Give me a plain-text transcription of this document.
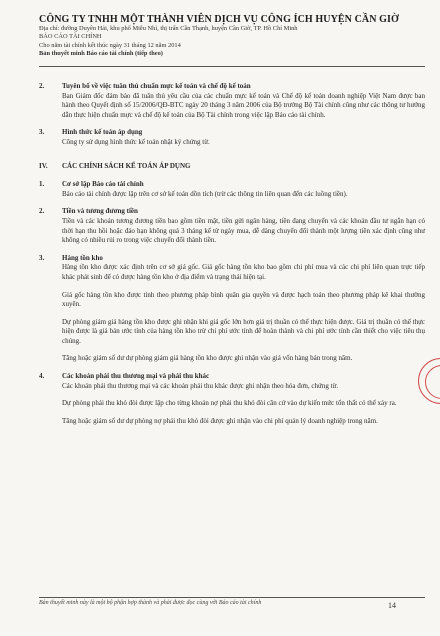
CÔNG TY TNHH MỘT THÀNH VIÊN DỊCH VỤ CÔNG ÍCH HUYỆN CẦN GIỜ
Địa chỉ: đường Duyên Hải, khu phố Miễu Nhì, thị trấn Cần Thạnh, huyện Cần Giờ, TP. Hồ Chí Minh
BÁO CÁO TÀI CHÍNH
Cho năm tài chính kết thúc ngày 31 tháng 12 năm 2014
Bản thuyết minh Báo cáo tài chính (tiếp theo)
2.	Tuyên bố về việc tuân thủ chuẩn mực kế toán và chế độ kế toán
Ban Giám đốc đảm bảo đã tuân thủ yêu cầu của các chuẩn mực kế toán và Chế độ kế toán doanh nghiệp Việt Nam được ban hành theo Quyết định số 15/2006/QĐ-BTC ngày 20 tháng 3 năm 2006 của Bộ trưởng Bộ Tài chính cũng như các thông tư hướng dẫn thực hiện chuẩn mực và chế độ kế toán của Bộ Tài chính trong việc lập Báo cáo tài chính.
3.	Hình thức kế toán áp dụng
Công ty sử dụng hình thức kế toán nhật ký chứng từ.
IV. CÁC CHÍNH SÁCH KẾ TOÁN ÁP DỤNG
1.	Cơ sở lập Báo cáo tài chính
Báo cáo tài chính được lập trên cơ sở kế toán dồn tích (trừ các thông tin liên quan đến các luồng tiền).
2.	Tiền và tương đương tiền
Tiền và các khoản tương đương tiền bao gồm tiền mặt, tiền gửi ngân hàng, tiền đang chuyển và các khoản đầu tư ngắn hạn có thời hạn thu hồi hoặc đáo hạn không quá 3 tháng kể từ ngày mua, dễ dàng chuyển đổi thành một lượng tiền xác định cũng như không có nhiều rủi ro trong việc chuyển đổi thành tiền.
3.	Hàng tồn kho
Hàng tồn kho được xác định trên cơ sở giá gốc. Giá gốc hàng tồn kho bao gồm chi phí mua và các chi phí liên quan trực tiếp khác phát sinh để có được hàng tồn kho ở địa điểm và trạng thái hiện tại.
Giá gốc hàng tồn kho được tính theo phương pháp bình quân gia quyền và được hạch toán theo phương pháp kê khai thường xuyên.
Dự phòng giảm giá hàng tồn kho được ghi nhận khi giá gốc lớn hơn giá trị thuần có thể thực hiện được. Giá trị thuần có thể thực hiện được là giá bán ước tính của hàng tồn kho trừ chi phí ước tính để hoàn thành và chi phí ước tính cần thiết cho việc tiêu thụ chúng.
Tăng hoặc giảm số dư dự phòng giảm giá hàng tồn kho được ghi nhận vào giá vốn hàng bán trong năm.
4.	Các khoản phải thu thương mại và phải thu khác
Các khoản phải thu thương mại và các khoản phải thu khác được ghi nhận theo hóa đơn, chứng từ.
Dự phòng phải thu khó đòi được lập cho từng khoản nợ phải thu khó đòi căn cứ vào dự kiến mức tổn thất có thể xảy ra.
Tăng hoặc giảm số dư dự phòng nợ phải thu khó đòi được ghi nhận vào chi phí quản lý doanh nghiệp trong năm.
Bản thuyết minh này là một bộ phận hợp thành và phải được đọc cùng với Báo cáo tài chính	14
